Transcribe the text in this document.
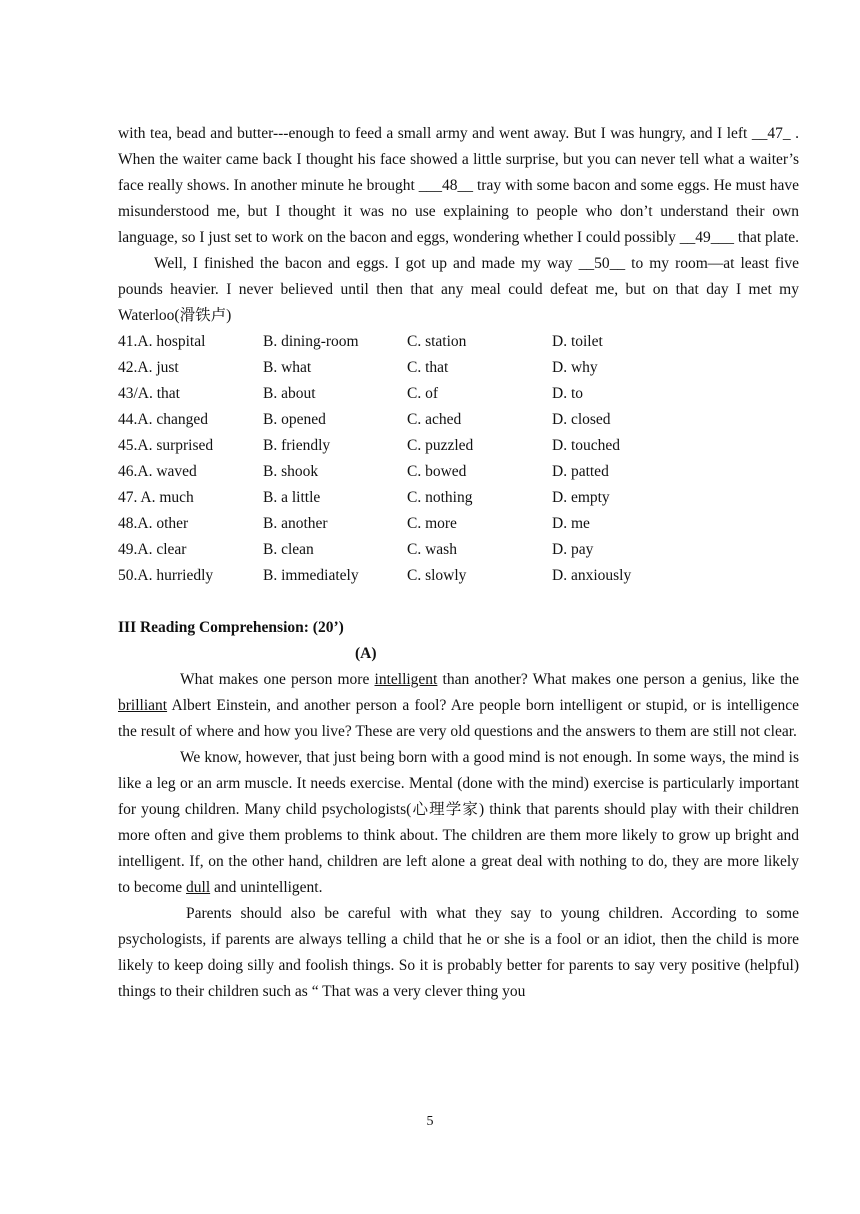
with tea, bead and butter---enough to feed a small army and went away. But I was hungry, and I left __47_ . When the waiter came back I thought his face showed a little surprise, but you can never tell what a waiter’s face really shows. In another minute he brought ___48__ tray with some bacon and some eggs. He must have misunderstood me, but I thought it was no use explaining to people who don’t understand their own language, so I just set to work on the bacon and eggs, wondering whether I could possibly __49___ that plate.

Well, I finished the bacon and eggs. I got up and made my way __50__ to my room—at least five pounds heavier. I never believed until then that any meal could defeat me, but on that day I met my Waterloo(滑铁卢)

41.A. hospital	B. dining-room	C. station	D. toilet
42.A. just	B. what	C. that	D. why
43/A. that	B. about	C. of	D. to
44.A. changed	B. opened	C. ached	D. closed
45.A. surprised	B. friendly	C. puzzled	D. touched
46.A. waved	B. shook	C. bowed	D. patted
47. A. much	B. a little	C. nothing	D. empty
48.A. other	B. another	C. more	D. me
49.A. clear	B. clean	C. wash	D. pay
50.A. hurriedly	B. immediately	C. slowly	D. anxiously
III Reading Comprehension: (20’)
(A)

What makes one person more intelligent than another? What makes one person a genius, like the brilliant Albert Einstein, and another person a fool? Are people born intelligent or stupid, or is intelligence the result of where and how you live? These are very old questions and the answers to them are still not clear.

We know, however, that just being born with a good mind is not enough. In some ways, the mind is like a leg or an arm muscle. It needs exercise. Mental (done with the mind) exercise is particularly important for young children. Many child psychologists(心理学家) think that parents should play with their children more often and give them problems to think about. The children are them more likely to grow up bright and intelligent. If, on the other hand, children are left alone a great deal with nothing to do, they are more likely to become dull and unintelligent.

Parents should also be careful with what they say to young children. According to some psychologists, if parents are always telling a child that he or she is a fool or an idiot, then the child is more likely to keep doing silly and foolish things. So it is probably better for parents to say very positive (helpful) things to their children such as “ That was a very clever thing you

5
